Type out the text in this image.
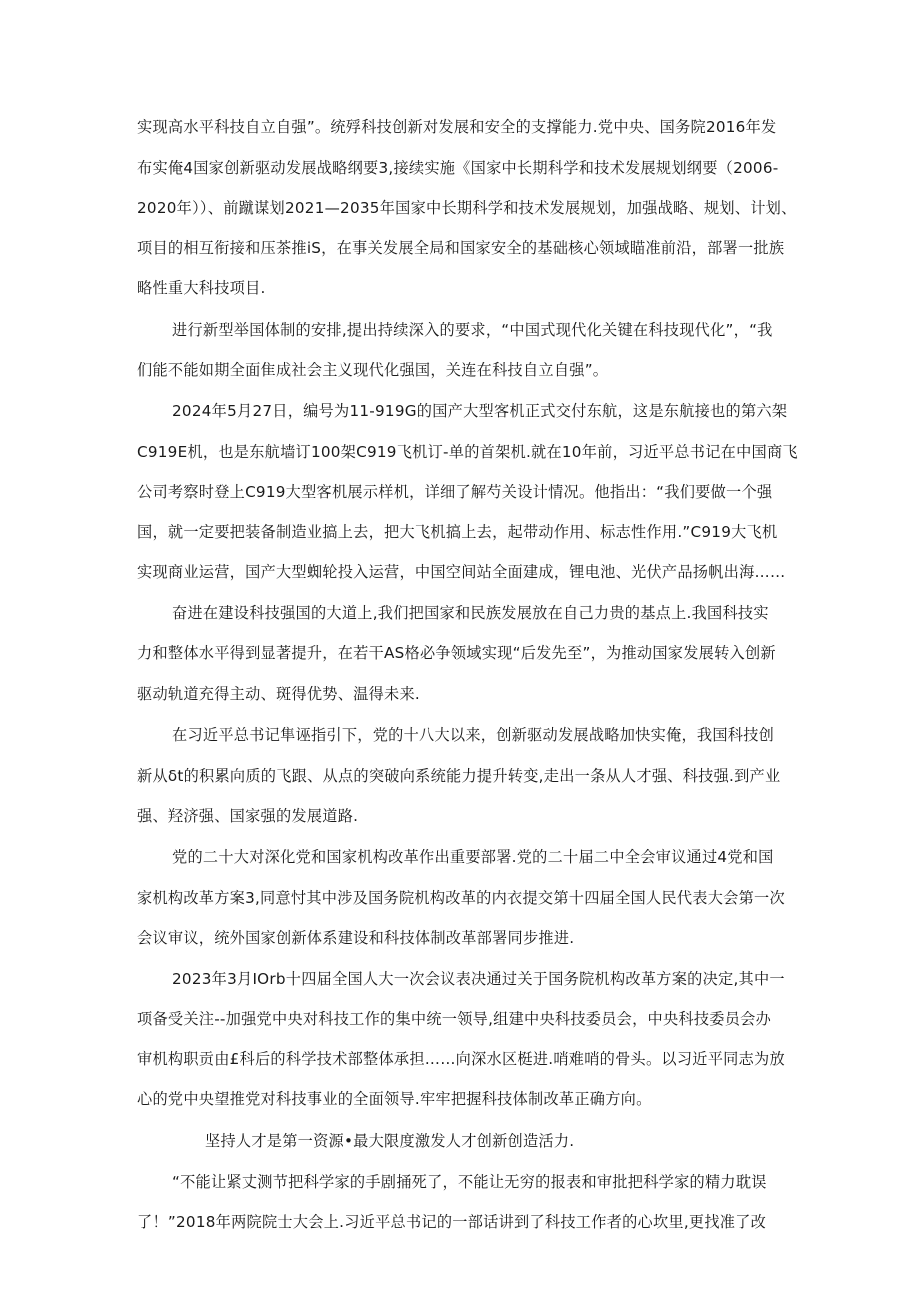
实现高水平科技自立自强”。统殍科技创新对发展和安全的支撑能力.党中央、国务院2016年发
布实俺4国家创新驱动发展战略纲要3,接续实施《国家中长期科学和技术发展规划纲要（2006-
2020年））、前蹴谋划2021—2035年国家中长期科学和技术发展规划，加强战略、规划、计划、
项目的相互衔接和压茶推iS，在事关发展全局和国家安全的基础核心领域瞄准前沿，部署一批族
略性重大科技项目.
进行新型举国体制的安排,提出持续深入的要求，“中国式现代化关键在科技现代化”，“我
们能不能如期全面隹成社会主义现代化强国，关连在科技自立自强”。
2024年5月27日，编号为11-919G的国产大型客机正式交付东航，这是东航接也的第六架
C919E机，也是东航墙订100架C919飞机订-单的首架机.就在10年前，习近平总书记在中国商飞
公司考察时登上C919大型客机展示样机，详细了解芍关设计情况。他指出：“我们要做一个强
国，就一定要把装备制造业搞上去，把大飞机搞上去，起带动作用、标志性作用.”C919大飞机
实现商业运营，国产大型蜘轮投入运营，中国空间站全面建成，锂电池、光伏产品扬帆出海……
奋进在建设科技强国的大道上,我们把国家和民族发展放在自己力贵的基点上.我国科技实
力和整体水平得到显著提升，在若干AS格必争领域实现“后发先至”，为推动国家发展转入创新
驱动轨道充得主动、斑得优势、温得未来.
在习近平总书记隼诬指引下，党的十八大以来，创新驱动发展战略加快实俺，我国科技创
新从δt的积累向质的飞跟、从点的突破向系统能力提升转变,走出一条从人才强、科技强.到产业
强、羟济强、国家强的发展道路.
党的二十大对深化党和国家机构改革作出重要部署.党的二十届二中全会审议通过4党和国
家机构改革方案3,同意忖其中涉及国务院机构改革的内衣提交第十四届全国人民代表大会第一次
会议审议，统外国家创新体系建设和科技体制改革部署同步推进.
2023年3月IOrb十四届全国人大一次会议表决通过关于国务院机构改革方案的决定,其中一
项备受关注--加强党中央对科技工作的集中统一领导,组建中央科技委员会，中央科技委员会办
审机构职贡由£科后的科学技术部整体承担……向深水区梃进.哨难哨的骨头。以习近平同志为放
心的党中央望推党对科技事业的全面领导.牢牢把握科技体制改革正确方向。
坚持人才是第一资源•最大限度激发人才创新创造活力.
“不能让紧丈测节把科学家的手剧捅死了，不能让无穷的报表和审批把科学家的精力耽误
了！”2018年两院院士大会上.习近平总书记的一部话讲到了科技工作者的心坎里,更找准了改
